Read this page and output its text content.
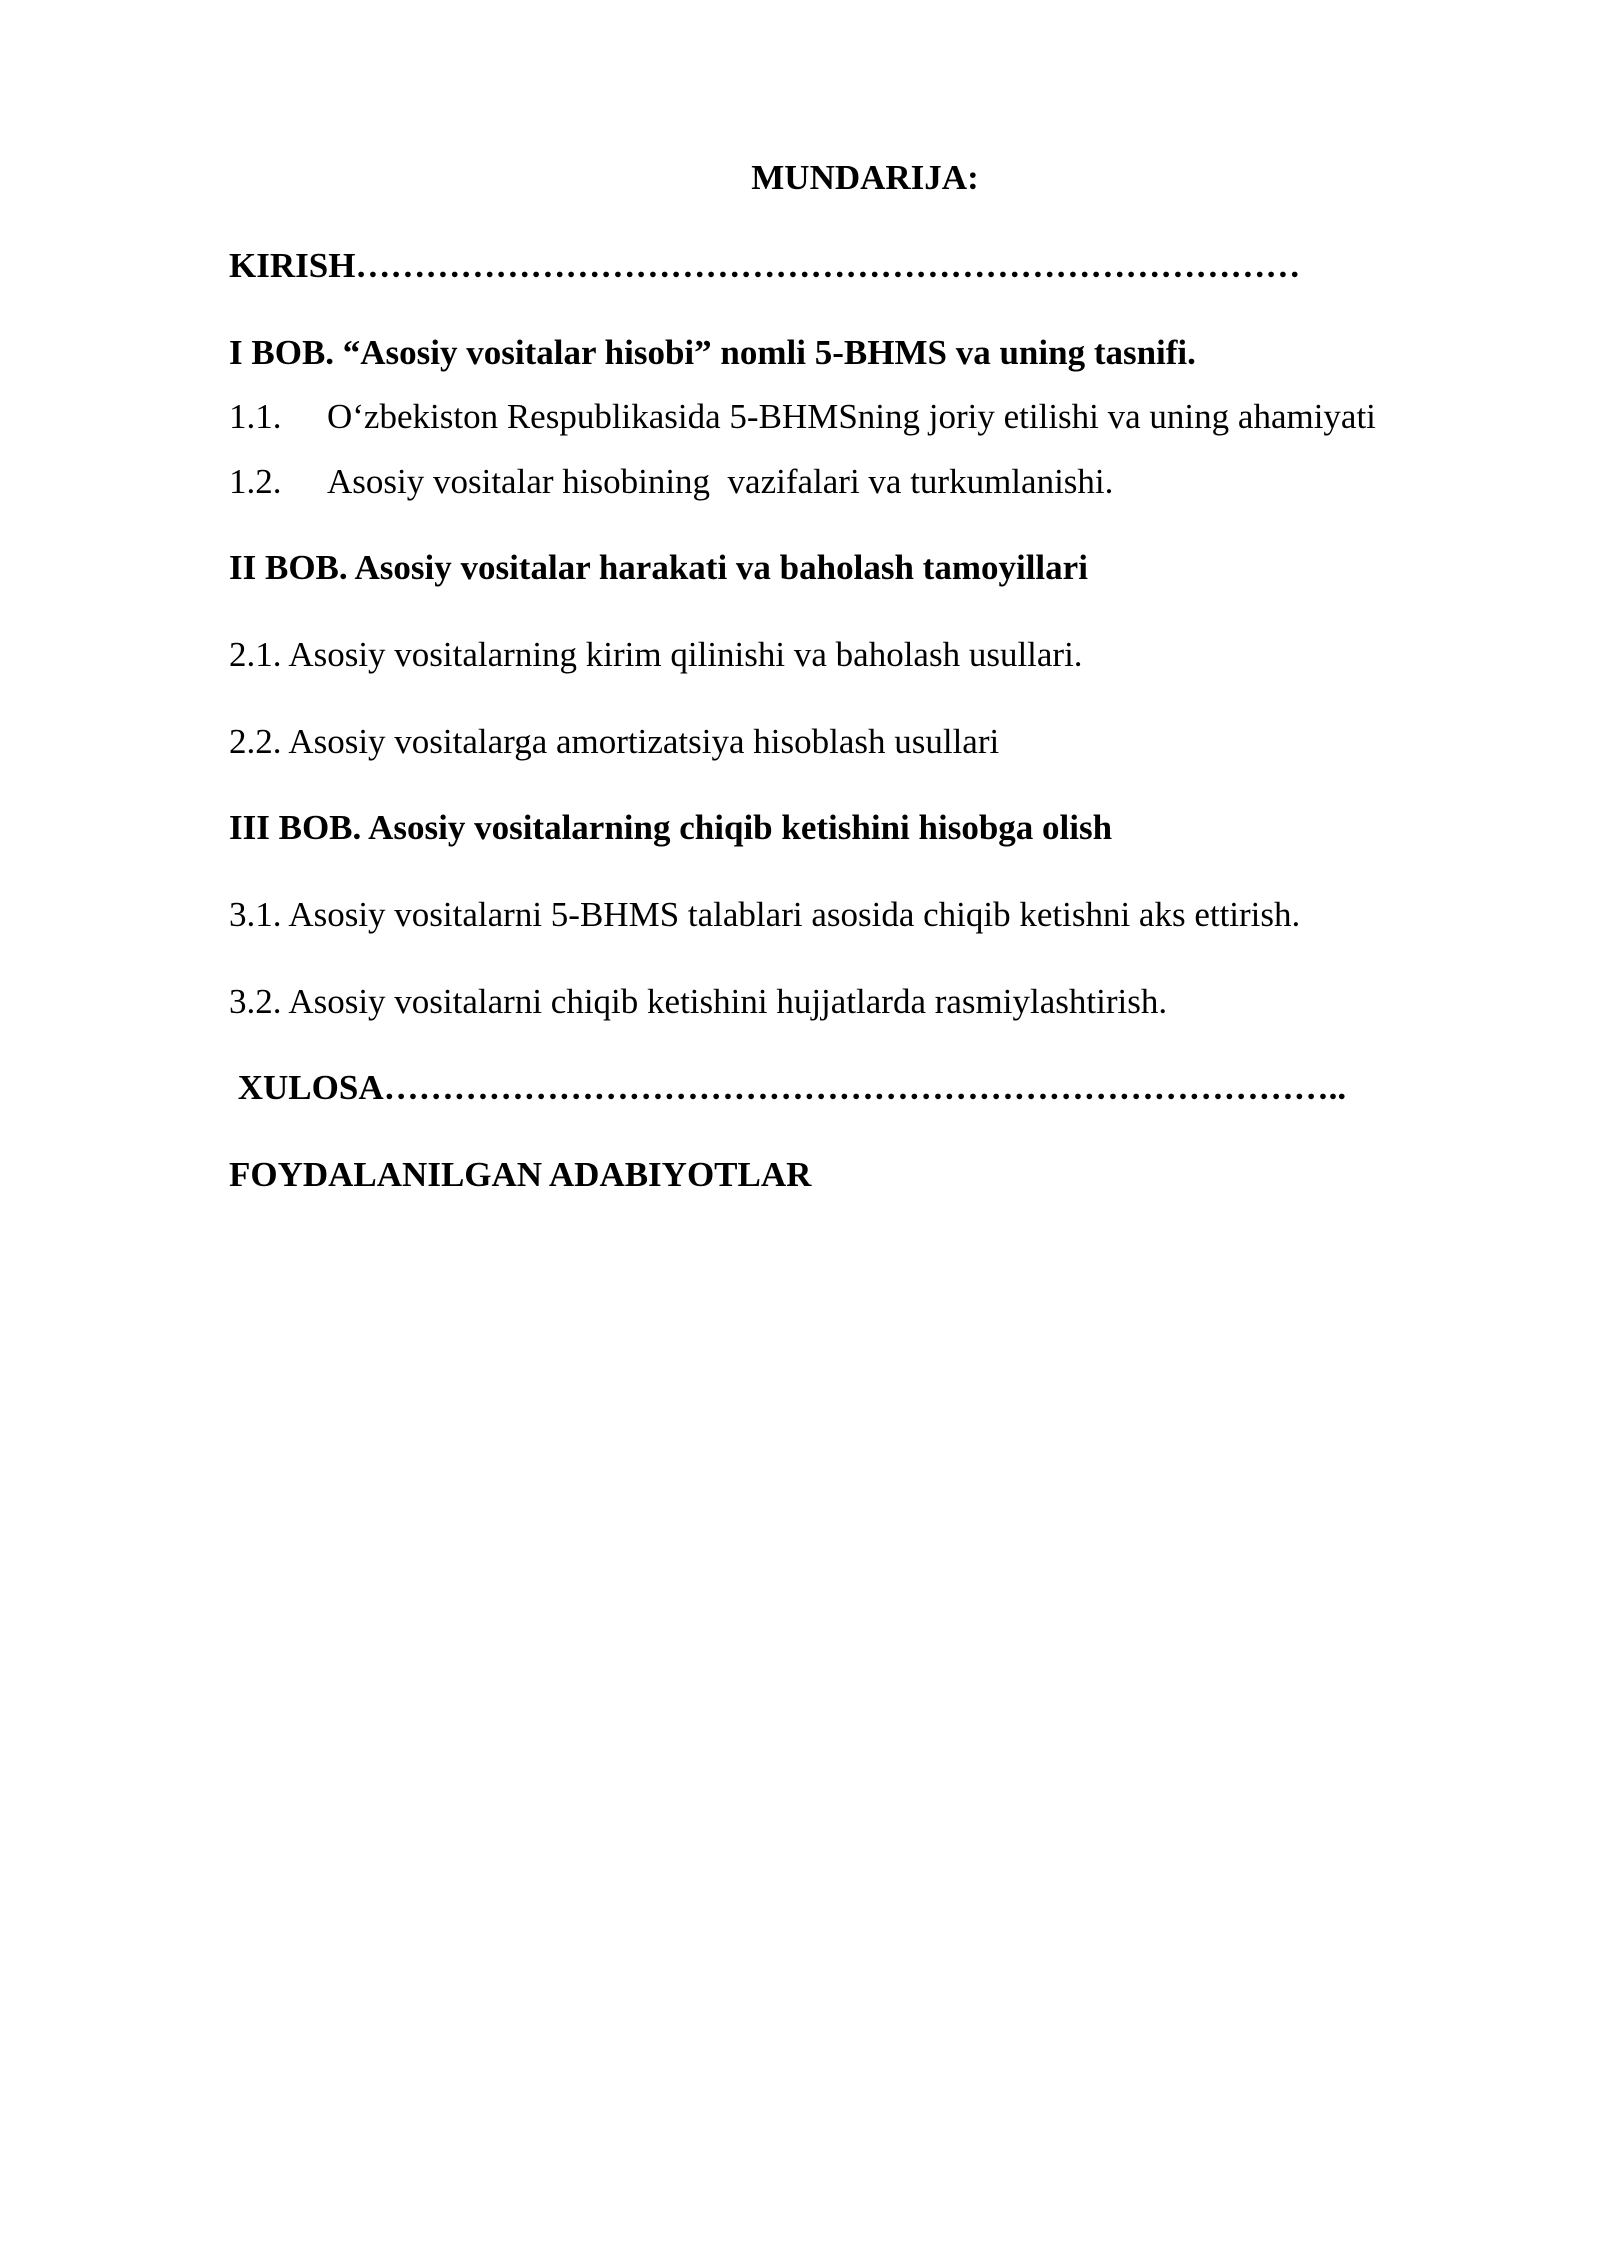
MUNDARIJA:
KIRISH………………………………………………………………………
I BOB. “Asosiy vositalar hisobi” nomli 5-BHMS va uning tasnifi.
1.1. O‘zbekiston Respublikasida 5-BHMSning joriy etilishi va uning ahamiyati
1.2. Asosiy vositalar hisobining  vazifalari va turkumlanishi.
II BOB. Asosiy vositalar harakati va baholash tamoyillari
2.1. Asosiy vositalarning kirim qilinishi va baholash usullari.
2.2. Asosiy vositalarga amortizatsiya hisoblash usullari
III BOB. Asosiy vositalarning chiqib ketishini hisobga olish
3.1. Asosiy vositalarni 5-BHMS talablari asosida chiqib ketishni aks ettirish.
3.2. Asosiy vositalarni chiqib ketishini hujjatlarda rasmiylashtirish.
XULOSA………………………………………………………………………..
FOYDALANILGAN ADABIYOTLAR
